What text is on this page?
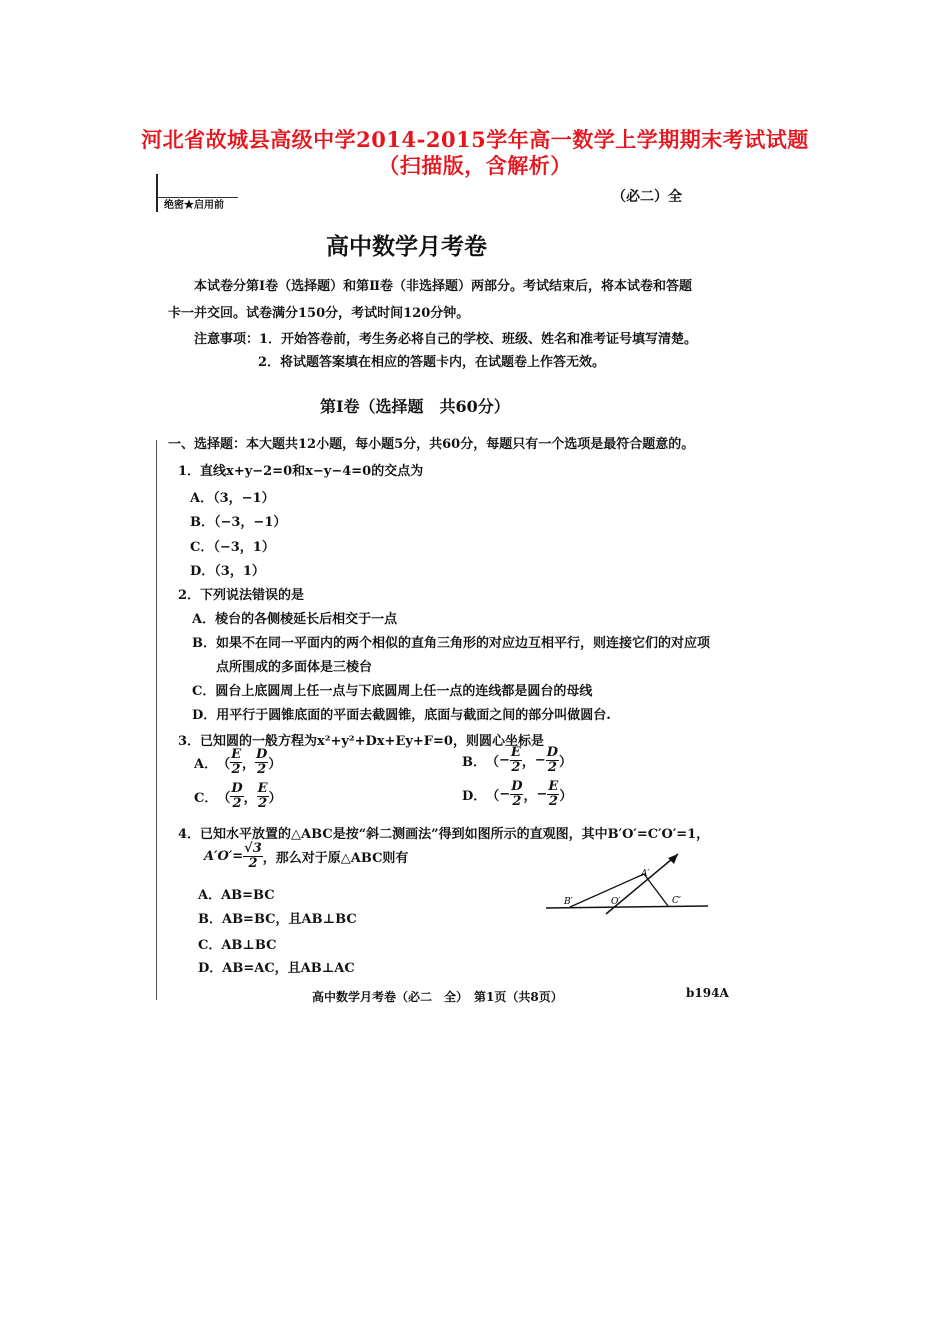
河北省故城县高级中学2014-2015学年高一数学上学期期末考试试题
（扫描版，含解析）
绝密★启用前
（必二）全
高中数学月考卷
本试卷分第Ⅰ卷（选择题）和第Ⅱ卷（非选择题）两部分。考试结束后，将本试卷和答题
卡一并交回。试卷满分150分，考试时间120分钟。
注意事项：1．开始答卷前，考生务必将自己的学校、班级、姓名和准考证号填写清楚。
2．将试题答案填在相应的答题卡内，在试题卷上作答无效。
第Ⅰ卷（选择题　共60分）
一、选择题：本大题共12小题，每小题5分，共60分，每题只有一个选项是最符合题意的。
1．直线x+y−2=0和x−y−4=0的交点为
A．（3，−1）
B．（−3，−1）
C．（−3，1）
D．（3，1）
2．下列说法错误的是
A．棱台的各侧棱延长后相交于一点
B．如果不在同一平面内的两个相似的直角三角形的对应边互相平行，则连接它们的对应项
点所围成的多面体是三棱台
C．圆台上底圆周上任一点与下底圆周上任一点的连线都是圆台的母线
D．用平行于圆锥底面的平面去截圆锥，底面与截面之间的部分叫做圆台.
3．已知圆的一般方程为x²+y²+Dx+Ey+F=0，则圆心坐标是
A．（ $\frac{E}{2}$ ， $\frac{D}{2}$ ）	B．（− $\frac{E}{2}$ ，− $\frac{D}{2}$ ）
C．（ $\frac{D}{2}$ ， $\frac{E}{2}$ ）	D．（− $\frac{D}{2}$ ，− $\frac{E}{2}$ ）
4．已知水平放置的△ABC是按“斜二测画法”得到如图所示的直观图，其中B′O′=C′O′=1，
$A'O'= \frac{√3}{2}$ ，那么对于原△ABC则有
A．AB=BC
B．AB=BC，且AB⊥BC
C．AB⊥BC
D．AB=AC，且AB⊥AC
A′
B′	O′	C′
高中数学月考卷（必二　全）　第1页（共8页）	b194A
